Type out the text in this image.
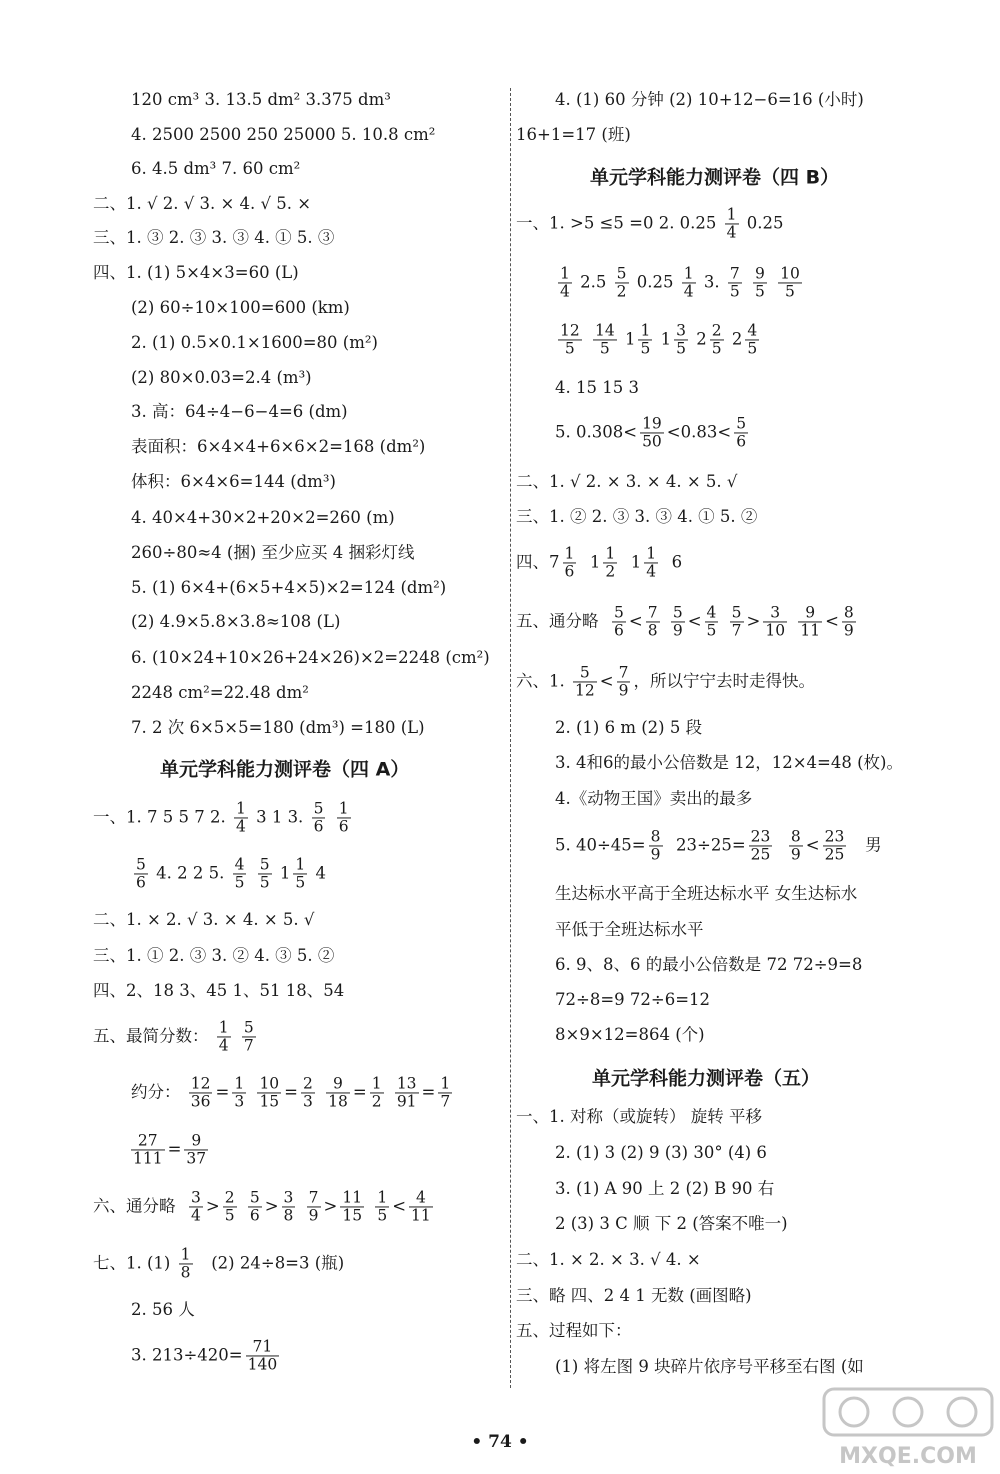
120 cm³ 3. 13.5 dm² 3.375 dm³
4. 2500 2500 250 25000 5. 10.8 cm²
6. 4.5 dm³ 7. 60 cm²
二、1. √ 2. √ 3. × 4. √ 5. ×
三、1. ③ 2. ③ 3. ③ 4. ① 5. ③
四、1. (1) 5×4×3=60 (L)
(2) 60÷10×100=600 (km)
2. (1) 0.5×0.1×1600=80 (m²)
(2) 80×0.03=2.4 (m³)
3. 高：64÷4−6−4=6 (dm)
表面积：6×4×4+6×6×2=168 (dm²)
体积：6×4×6=144 (dm³)
4. 40×4+30×2+20×2=260 (m)
260÷80≈4 (捆) 至少应买 4 捆彩灯线
5. (1) 6×4+(6×5+4×5)×2=124 (dm²)
(2) 4.9×5.8×3.8≈108 (L)
6. (10×24+10×26+24×26)×2=2248 (cm²)
2248 cm²=22.48 dm²
7. 2 次 6×5×5=180 (dm³) =180 (L)
单元学科能力测评卷（四 A）
一、1. 7 5 5 7 2. $\frac{1}{4} 3$ 1 3. $\frac{5}{6}$
$\frac{1}{6}$
$\frac{5}{6} 4$. 2 2 5. $\frac{4}{5}$
$\frac{5}{5} 1 \frac{1}{5} 4$
二、1. × 2. √ 3. × 4. × 5. √
三、1. ① 2. ③ 3. ② 4. ③ 5. ②
四、2、18 3、45 1、51 18、54
五、最简分数： $\frac{1}{4}$
$\frac{5}{7}$
约分： $\frac{12}{36} = \frac{1}{3}$
$\frac{10}{15} = \frac{2}{3}$
$\frac{9}{18} = \frac{1}{2}$
$\frac{13}{91} = \frac{1}{7}$
$\frac{27}{111} = \frac{9}{37}$
六、通分略 $\frac{3}{4} > \frac{2}{5}$
$\frac{5}{6} > \frac{3}{8}$
$\frac{7}{9} > \frac{11}{15}$
$\frac{1}{5} < \frac{4}{11}$
七、1. $(1) \frac{1}{8} (2)$ 24÷8=3 (瓶)
2. 56 人
3. $213\div 420= \frac{71}{140}$
4. (1) 60 分钟 (2) 10+12−6=16 (小时)
16+1=17 (班)
单元学科能力测评卷（四 B）
一、1. >5 ≤5 =0 2. $0.25 \frac{1}{4} 0.25$
$\frac{1}{4} 2.5 \frac{5}{2} 0.25 \frac{1}{4} 3$. $\frac{7}{5}$
$\frac{9}{5}$
$\frac{10}{5}$
$\frac{12}{5}$
$\frac{14}{5} 1 \frac{1}{5} 1 \frac{3}{5} 2 \frac{2}{5} 2 \frac{4}{5}$
4. 15 15 3
5. $0.308< \frac{19}{50} <0.83< \frac{5}{6}$
二、1. √ 2. × 3. × 4. × 5. √
三、1. ② 2. ③ 3. ③ 4. ① 5. ②
四、$7 \frac{1}{6} 1 \frac{1}{2} 1 \frac{1}{4} 6$
五、通分略 $\frac{5}{6} < \frac{7}{8}$
$\frac{5}{9} < \frac{4}{5}$
$\frac{5}{7} > \frac{3}{10}$
$\frac{9}{11} < \frac{8}{9}$
六、1. $\frac{5}{12} < \frac{7}{9}$ ，所以宁宁去时走得快。
2. (1) 6 m (2) 5 段
3. 4和6的最小公倍数是 12，12×4=48 (枚)。
4.《动物王国》卖出的最多
5. $40\div 45= \frac{8}{9} 23\div 25= \frac{23}{25}$
$\frac{8}{9} < \frac{23}{25}$ 男
生达标水平高于全班达标水平 女生达标水
平低于全班达标水平
6. 9、8、6 的最小公倍数是 72 72÷9=8
72÷8=9 72÷6=12
8×9×12=864 (个)
单元学科能力测评卷（五）
一、1. 对称（或旋转） 旋转 平移
2. (1) 3 (2) 9 (3) 30° (4) 6
3. (1) A 90 上 2 (2) B 90 右
2 (3) 3 C 顺 下 2 (答案不唯一)
二、1. × 2. × 3. √ 4. ×
三、略 四、2 4 1 无数 (画图略)
五、过程如下：
(1) 将左图 9 块碎片依序号平移至右图 (如
• 74 •
MXQE.COM
